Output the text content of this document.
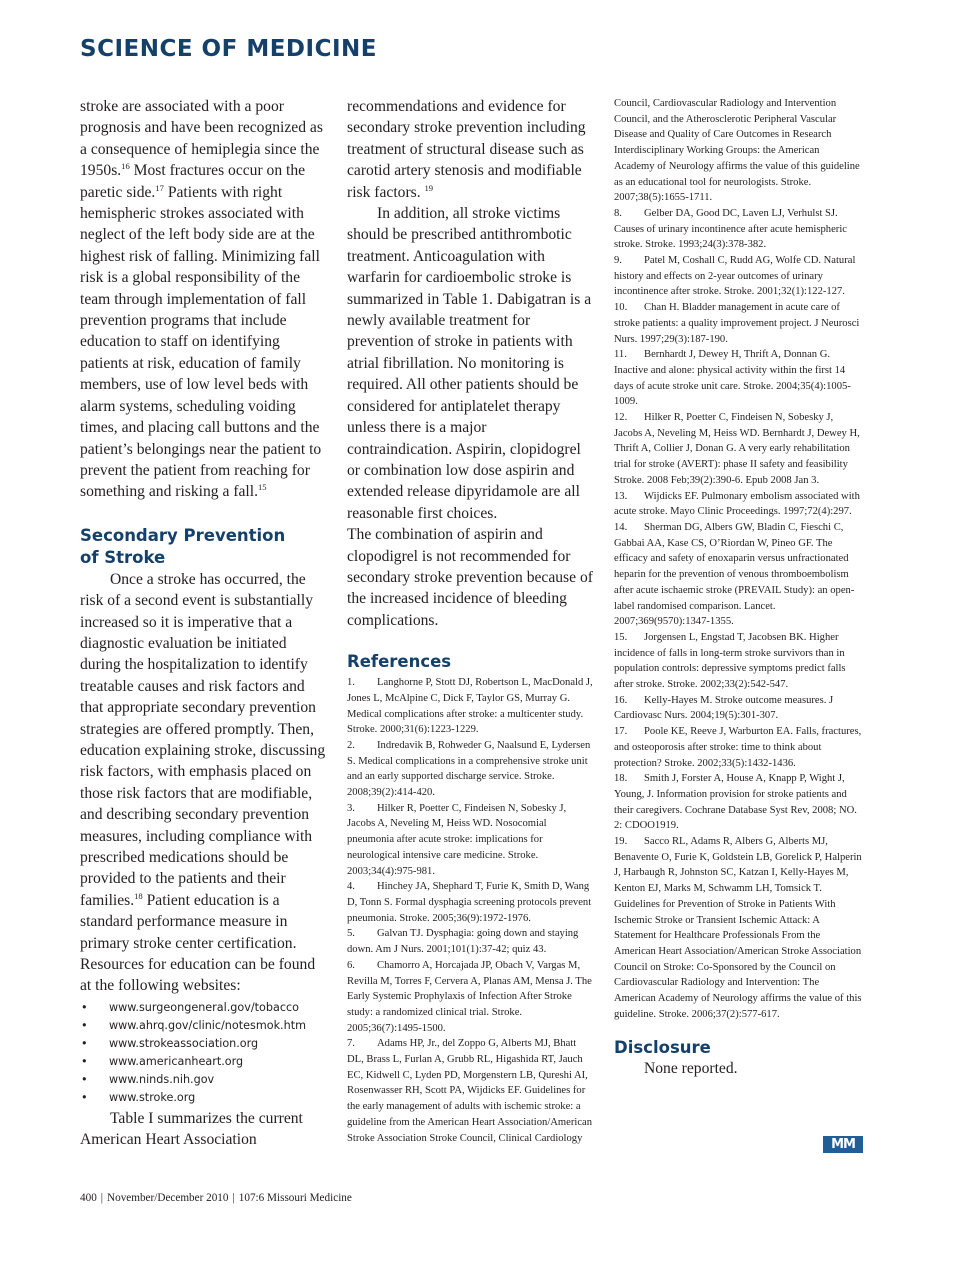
SCIENCE OF MEDICINE

stroke are associated with a poor prognosis and have been recognized as a consequence of hemiplegia since the 1950s.$^{16}$ Most fractures occur on the paretic side.$^{17}$ Patients with right hemispheric strokes associated with neglect of the left body side are at the highest risk of falling. Minimizing fall risk is a global responsibility of the team through implementation of fall prevention programs that include education to staff on identifying patients at risk, education of family members, use of low level beds with alarm systems, scheduling voiding times, and placing call buttons and the patient’s belongings near the patient to prevent the patient from reaching for something and risking a fall.$^{15}$

Secondary Prevention
of Stroke

Once a stroke has occurred, the risk of a second event is substantially increased so it is imperative that a diagnostic evaluation be initiated during the hospitalization to identify treatable causes and risk factors and that appropriate secondary prevention strategies are offered promptly. Then, education explaining stroke, discussing risk factors, with emphasis placed on those risk factors that are modifiable, and describing secondary prevention measures, including compliance with prescribed medications should be provided to the patients and their families.$^{18}$ Patient education is a standard performance measure in primary stroke center certification. Resources for education can be found at the following websites:

• www.surgeongeneral.gov/tobacco
• www.ahrq.gov/clinic/notesmok.htm
• www.strokeassociation.org
• www.americanheart.org
• www.ninds.nih.gov
• www.stroke.org

Table I summarizes the current American Heart Association

recommendations and evidence for secondary stroke prevention including treatment of structural disease such as carotid artery stenosis and modifiable risk factors. $^{19}$

In addition, all stroke victims should be prescribed antithrombotic treatment. Anticoagulation with warfarin for cardioembolic stroke is summarized in Table 1. Dabigatran is a newly available treatment for prevention of stroke in patients with atrial fibrillation. No monitoring is required. All other patients should be considered for antiplatelet therapy unless there is a major contraindication. Aspirin, clopidogrel or combination low dose aspirin and extended release dipyridamole are all reasonable first choices.

The combination of aspirin and clopodigrel is not recommended for secondary stroke prevention because of the increased incidence of bleeding complications.

References
1. Langhorne P, Stott DJ, Robertson L, MacDonald J, Jones L, McAlpine C, Dick F, Taylor GS, Murray G. Medical complications after stroke: a multicenter study. Stroke. 2000;31(6):1223-1229.
2. Indredavik B, Rohweder G, Naalsund E, Lydersen S. Medical complications in a comprehensive stroke unit and an early supported discharge service. Stroke. 2008;39(2):414-420.
3. Hilker R, Poetter C, Findeisen N, Sobesky J, Jacobs A, Neveling M, Heiss WD. Nosocomial pneumonia after acute stroke: implications for neurological intensive care medicine. Stroke. 2003;34(4):975-981.
4. Hinchey JA, Shephard T, Furie K, Smith D, Wang D, Tonn S. Formal dysphagia screening protocols prevent pneumonia. Stroke. 2005;36(9):1972-1976.
5. Galvan TJ. Dysphagia: going down and staying down. Am J Nurs. 2001;101(1):37-42; quiz 43.
6. Chamorro A, Horcajada JP, Obach V, Vargas M, Revilla M, Torres F, Cervera A, Planas AM, Mensa J. The Early Systemic Prophylaxis of Infection After Stroke study: a randomized clinical trial. Stroke. 2005;36(7):1495-1500.
7. Adams HP, Jr., del Zoppo G, Alberts MJ, Bhatt DL, Brass L, Furlan A, Grubb RL, Higashida RT, Jauch EC, Kidwell C, Lyden PD, Morgenstern LB, Qureshi AI, Rosenwasser RH, Scott PA, Wijdicks EF. Guidelines for the early management of adults with ischemic stroke: a guideline from the American Heart Association/American Stroke Association Stroke Council, Clinical Cardiology
Council, Cardiovascular Radiology and Intervention Council, and the Atherosclerotic Peripheral Vascular Disease and Quality of Care Outcomes in Research Interdisciplinary Working Groups: the American Academy of Neurology affirms the value of this guideline as an educational tool for neurologists. Stroke. 2007;38(5):1655-1711.
8. Gelber DA, Good DC, Laven LJ, Verhulst SJ. Causes of urinary incontinence after acute hemispheric stroke. Stroke. 1993;24(3):378-382.
9. Patel M, Coshall C, Rudd AG, Wolfe CD. Natural history and effects on 2-year outcomes of urinary incontinence after stroke. Stroke. 2001;32(1):122-127.
10. Chan H. Bladder management in acute care of stroke patients: a quality improvement project. J Neurosci Nurs. 1997;29(3):187-190.
11. Bernhardt J, Dewey H, Thrift A, Donnan G. Inactive and alone: physical activity within the first 14 days of acute stroke unit care. Stroke. 2004;35(4):1005-1009.
12. Hilker R, Poetter C, Findeisen N, Sobesky J, Jacobs A, Neveling M, Heiss WD. Bernhardt J, Dewey H, Thrift A, Collier J, Donan G. A very early rehabilitation trial for stroke (AVERT): phase II safety and feasibility Stroke. 2008 Feb;39(2):390-6. Epub 2008 Jan 3.
13. Wijdicks EF. Pulmonary embolism associated with acute stroke. Mayo Clinic Proceedings. 1997;72(4):297.
14. Sherman DG, Albers GW, Bladin C, Fieschi C, Gabbai AA, Kase CS, O’Riordan W, Pineo GF. The efficacy and safety of enoxaparin versus unfractionated heparin for the prevention of venous thromboembolism after acute ischaemic stroke (PREVAIL Study): an open-label randomised comparison. Lancet. 2007;369(9570):1347-1355.
15. Jorgensen L, Engstad T, Jacobsen BK. Higher incidence of falls in long-term stroke survivors than in population controls: depressive symptoms predict falls after stroke. Stroke. 2002;33(2):542-547.
16. Kelly-Hayes M. Stroke outcome measures. J Cardiovasc Nurs. 2004;19(5):301-307.
17. Poole KE, Reeve J, Warburton EA. Falls, fractures, and osteoporosis after stroke: time to think about protection? Stroke. 2002;33(5):1432-1436.
18. Smith J, Forster A, House A, Knapp P, Wight J, Young, J. Information provision for stroke patients and their caregivers. Cochrane Database Syst Rev, 2008; NO. 2: CDOO1919.
19. Sacco RL, Adams R, Albers G, Alberts MJ, Benavente O, Furie K, Goldstein LB, Gorelick P, Halperin J, Harbaugh R, Johnston SC, Katzan I, Kelly-Hayes M, Kenton EJ, Marks M, Schwamm LH, Tomsick T. Guidelines for Prevention of Stroke in Patients With Ischemic Stroke or Transient Ischemic Attack: A Statement for Healthcare Professionals From the American Heart Association/American Stroke Association Council on Stroke: Co-Sponsored by the Council on Cardiovascular Radiology and Intervention: The American Academy of Neurology affirms the value of this guideline. Stroke. 2006;37(2):577-617.
Disclosure
None reported.
MM
400 | November/December 2010 | 107:6 Missouri Medicine
